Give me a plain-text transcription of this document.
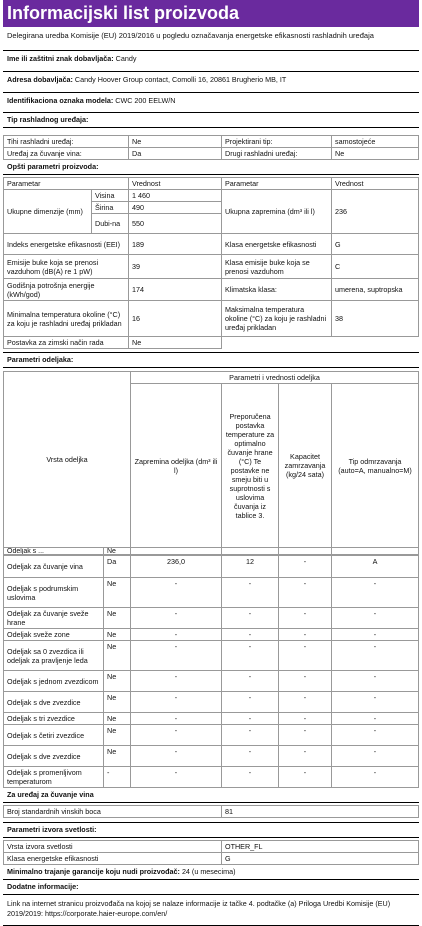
Informacijski list proizvoda
Delegirana uredba Komisije (EU) 2019/2016 u pogledu označavanja energetske efikasnosti rashladnih uređaja
Ime ili zaštitni znak dobavljača: Candy
Adresa dobavljača: Candy Hoover Group contact, Comolli 16, 20861 Brugherio MB, IT
Identifikaciona oznaka modela: CWC 200 EELW/N
Tip rashladnog uređaja:
Tihi rashladni uređaj:	Ne	Projektirani tip:	samostojeće
Uređaj za čuvanje vina:	Da	Drugi rashladni uređaj:	Ne
Opšti parametri proizvoda:
Parametar		Vrednost	Parametar	Vrednost
Ukupne dimenzije (mm)	Visina	1 460	Ukupna zapremina (dm³ ili l)	236
	Širina	490		
	Dubi-na	550		
Indeks energetske efikasnosti (EEI)		189	Klasa energetske efikasnosti	G
Emisije buke koja se prenosi vazduhom (dB(A) re 1 pW)		39	Klasa emisije buke koja se prenosi vazduhom	C
Godišnja potrošnja energije (kWh/god)		174	Klimatska klasa:	umerena, suptropska
Minimalna temperatura okoline (°C) za koju je rashladni uređaj prikladan		16	Maksimalna temperatura okoline (°C) za koju je rashladni uređaj prikladan	38
Postavka za zimski način rada		Ne		
Parametri odeljaka:
Vrsta odeljka		Parametri i vrednosti odeljka			
		Zapremina odeljka (dm³ ili l)	Preporučena postavka temperature za optimalno čuvanje hrane (°C) Te postavke ne smeju biti u suprotnosti s uslovima čuvanja iz tablice 3.	Kapacitet zamrzavanja (kg/24 sata)	Tip odmrzavanja (auto=A, manualno=M)

Odeljak s ...	Ne				

Odeljak za čuvanje vina	Da	236,0	12	-	A
Odeljak s podrumskim uslovima	Ne	-	-	-	-
Odeljak za čuvanje sveže hrane	Ne	-	-	-	-
Odeljak sveže zone	Ne	-	-	-	-
Odeljak sa 0 zvezdica ili odeljak za pravljenje leda	Ne	-	-	-	-
Odeljak s jednom zvezdicom	Ne	-	-	-	-
Odeljak s dve zvezdice	Ne	-	-	-	-
Odeljak s tri zvezdice	Ne	-	-	-	-
Odeljak s četiri zvezdice	Ne	-	-	-	-
Odeljak s dve zvezdice	Ne	-	-	-	-
Odeljak s promenljivom temperaturom	-	-	-	-	-
Za uređaj za čuvanje vina
Broj standardnih vinskih boca	81
Parametri izvora svetlosti:
Vrsta izvora svetlosti	OTHER_FL
Klasa energetske efikasnosti	G
Minimalno trajanje garancije koju nudi proizvođač: 24 (u mesecima)
Dodatne informacije:
Link na internet stranicu proizvođača na kojoj se nalaze informacije iz tačke 4. podtačke (a) Priloga Uredbi Komisije (EU) 2019/2019: https://corporate.haier-europe.com/en/
